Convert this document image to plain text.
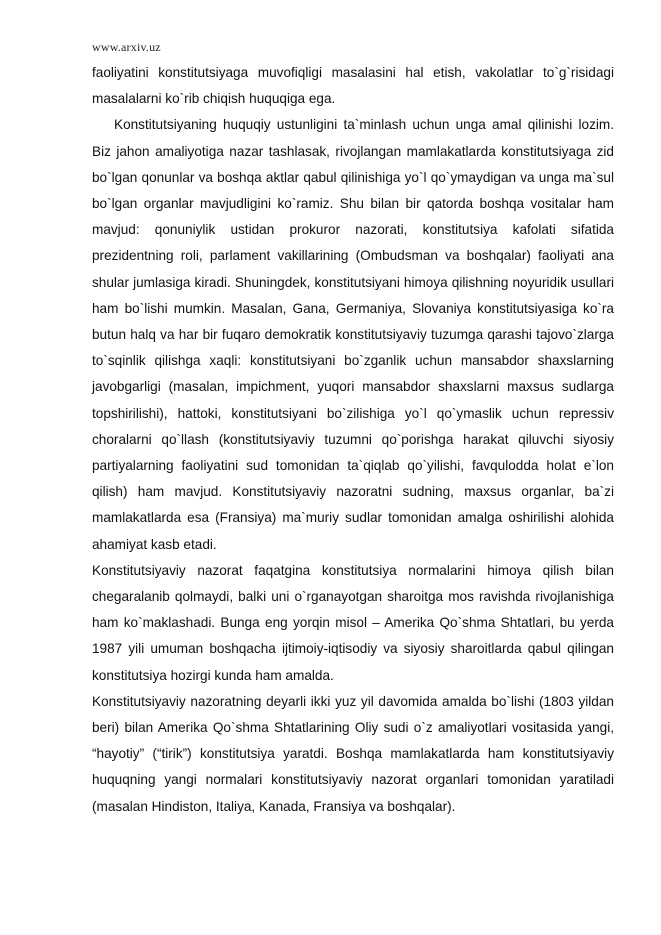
www.arxiv.uz

faoliyatini konstitutsiyaga muvofiqligi masalasini hal etish, vakolatlar to`g`risidagi masalalarni ko`rib chiqish huquqiga ega.

Konstitutsiyaning huquqiy ustunligini ta`minlash uchun unga amal qilinishi lozim. Biz jahon amaliyotiga nazar tashlasak, rivojlangan mamlakatlarda konstitutsiyaga zid bo`lgan qonunlar va boshqa aktlar qabul qilinishiga yo`l qo`ymaydigan va unga ma`sul bo`lgan organlar mavjudligini ko`ramiz. Shu bilan bir qatorda boshqa vositalar ham mavjud: qonuniylik ustidan prokuror nazorati, konstitutsiya kafolati sifatida prezidentning roli, parlament vakillarining (Ombudsman va boshqalar) faoliyati ana shular jumlasiga kiradi. Shuningdek, konstitutsiyani himoya qilishning noyuridik usullari ham bo`lishi mumkin. Masalan, Gana, Germaniya, Slovaniya konstitutsiyasiga ko`ra butun halq va har bir fuqaro demokratik konstitutsiyaviy tuzumga qarashi tajovo`zlarga to`sqinlik qilishga xaqli: konstitutsiyani bo`zganlik uchun mansabdor shaxslarning javobgarligi (masalan, impichment, yuqori mansabdor shaxslarni maxsus sudlarga topshirilishi), hattoki, konstitutsiyani bo`zilishiga yo`l qo`ymaslik uchun repressiv choralarni qo`llash (konstitutsiyaviy tuzumni qo`porishga harakat qiluvchi siyosiy partiyalarning faoliyatini sud tomonidan ta`qiqlab qo`yilishi, favqulodda holat e`lon qilish) ham mavjud. Konstitutsiyaviy nazoratni sudning, maxsus organlar, ba`zi mamlakatlarda esa (Fransiya) ma`muriy sudlar tomonidan amalga oshirilishi alohida ahamiyat kasb etadi.

Konstitutsiyaviy nazorat faqatgina konstitutsiya normalarini himoya qilish bilan chegaralanib qolmaydi, balki uni o`rganayotgan sharoitga mos ravishda rivojlanishiga ham ko`maklashadi. Bunga eng yorqin misol – Amerika Qo`shma Shtatlari, bu yerda 1987 yili umuman boshqacha ijtimoiy-iqtisodiy va siyosiy sharoitlarda qabul qilingan konstitutsiya hozirgi kunda ham amalda.

Konstitutsiyaviy nazoratning deyarli ikki yuz yil davomida amalda bo`lishi (1803 yildan beri) bilan Amerika Qo`shma Shtatlarining Oliy sudi o`z amaliyotlari vositasida yangi, “hayotiy” (“tirik”) konstitutsiya yaratdi. Boshqa mamlakatlarda ham konstitutsiyaviy huquqning yangi normalari konstitutsiyaviy nazorat organlari tomonidan yaratiladi (masalan Hindiston, Italiya, Kanada, Fransiya va boshqalar).
